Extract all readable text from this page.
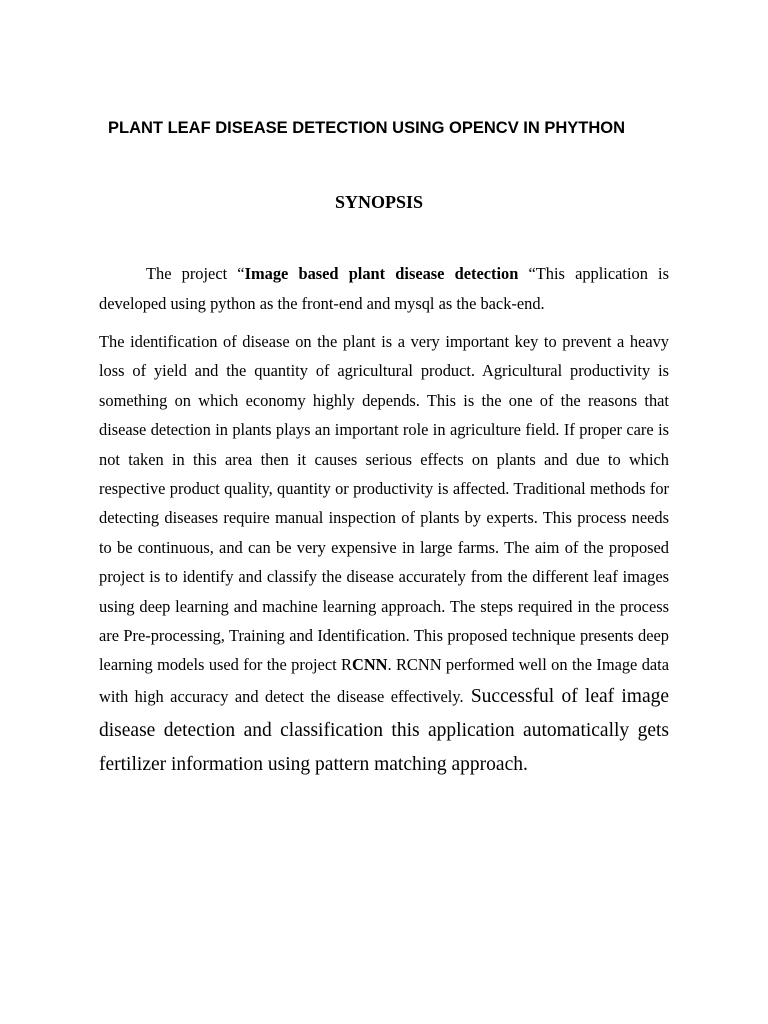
PLANT LEAF DISEASE DETECTION USING OPENCV IN PHYTHON
SYNOPSIS

The project “Image based plant disease detection “This application is developed using python as the front-end and mysql as the back-end.

The identification of disease on the plant is a very important key to prevent a heavy loss of yield and the quantity of agricultural product. Agricultural productivity is something on which economy highly depends. This is the one of the reasons that disease detection in plants plays an important role in agriculture field. If proper care is not taken in this area then it causes serious effects on plants and due to which respective product quality, quantity or productivity is affected. Traditional methods for detecting diseases require manual inspection of plants by experts. This process needs to be continuous, and can be very expensive in large farms. The aim of the proposed project is to identify and classify the disease accurately from the different leaf images using deep learning and machine learning approach. The steps required in the process are Pre-processing, Training and Identification. This proposed technique presents deep learning models used for the project RCNN. RCNN performed well on the Image data with high accuracy and detect the disease effectively. Successful of leaf image disease detection and classification this application automatically gets fertilizer information using pattern matching approach.
